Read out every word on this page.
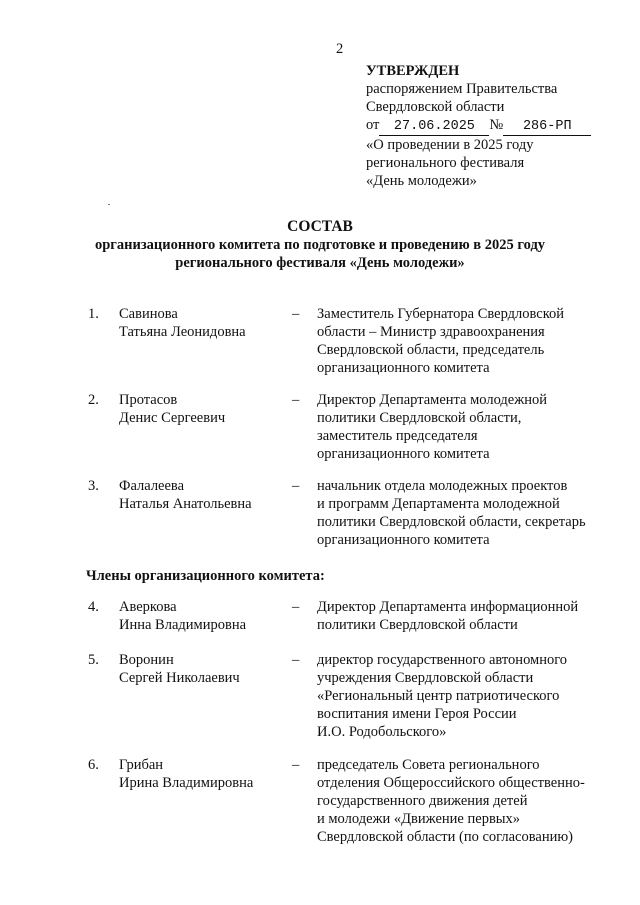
2
УТВЕРЖДЕН
распоряжением Правительства
Свердловской области
от 27.06.2025 № 286-РП
«О проведении в 2025 году
регионального фестиваля
«День молодежи»
СОСТАВ
организационного комитета по подготовке и проведению в 2025 году
регионального фестиваля «День молодежи»
1. Савинова
Татьяна Леонидовна
– Заместитель Губернатора Свердловской
области – Министр здравоохранения
Свердловской области, председатель
организационного комитета
2. Протасов
Денис Сергеевич
– Директор Департамента молодежной
политики Свердловской области,
заместитель председателя
организационного комитета
3. Фалалеева
Наталья Анатольевна
– начальник отдела молодежных проектов
и программ Департамента молодежной
политики Свердловской области, секретарь
организационного комитета
Члены организационного комитета:
4. Аверкова
Инна Владимировна
– Директор Департамента информационной
политики Свердловской области
5. Воронин
Сергей Николаевич
– директор государственного автономного
учреждения Свердловской области
«Региональный центр патриотического
воспитания имени Героя России
И.О. Родобольского»
6. Грибан
Ирина Владимировна
– председатель Совета регионального
отделения Общероссийского общественно-
государственного движения детей
и молодежи «Движение первых»
Свердловской области (по согласованию)
